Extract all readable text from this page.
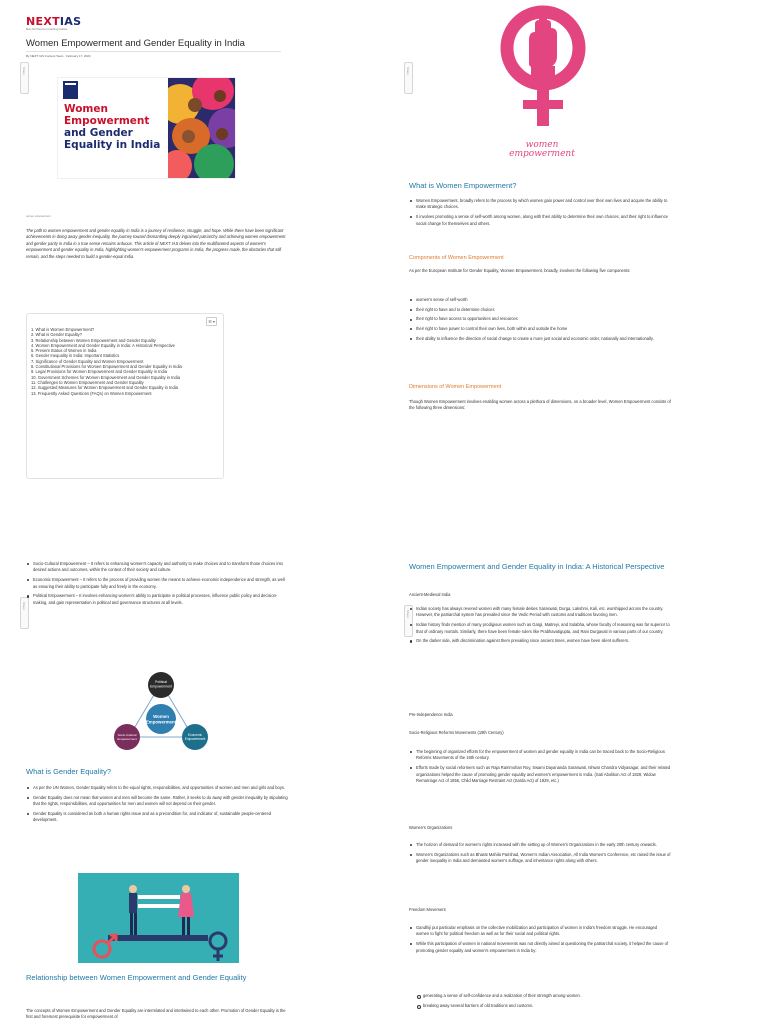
Share
NEXTIAS
Best Civil Services Coaching Institute
Women Empowerment and Gender Equality in India
By NEXT IAS Content Team · February 17, 2024
Women
Empowerment
and Gender
Equality in India
women empowerment

The path to women empowerment and gender equality in India is a journey of resilience, struggle, and hope. While there have been significant achievements in doing away gender inequality, the journey toward dismantling deeply ingrained patriarchy and achieving women empowerment and gender parity in India in a true sense remains arduous. This article of NEXT IAS delves into the multifaceted aspects of women's empowerment and gender equality in India, highlighting women's empowerment programs in India, the progress made, the obstacles that still remain, and the steps needed to build a gender-equal India.

☰ ▾
1. What is Women Empowerment?
2. What is Gender Equality?
3. Relationship between Women Empowerment and Gender Equality
4. Women Empowerment and Gender Equality in India: A Historical Perspective
5. Present Status of Women in India
6. Gender Inequality in India: Important Statistics
7. Significance of Gender Equality and Women Empowerment
8. Constitutional Provisions for Women Empowerment and Gender Equality in India
9. Legal Provisions for Women Empowerment and Gender Equality in India
10. Government Schemes for Women Empowerment and Gender Equality in India
11. Challenges to Women Empowerment and Gender Equality
12. Suggested Measures for Women Empowerment and Gender Equality in India
13. Frequently Asked Questions (FAQs) on Women Empowerment
Share
women
empowerment
What is Women Empowerment?
Women Empowerment, broadly refers to the process by which women gain power and control over their own lives and acquire the ability to make strategic choices.
It involves promoting a sense of self-worth among women, along with their ability to determine their own choices, and their right to influence social change for themselves and others.
Components of Women Empowerment

As per the European Institute for Gender Equality, Women Empowerment, broadly, involves the following five components:

women's sense of self-worth
their right to have and to determine choices
their right to have access to opportunities and resources
their right to have power to control their own lives, both within and outside the home
their ability to influence the direction of social change to create a more just social and economic order, nationally and internationally.
Dimensions of Women Empowerment

Though Women Empowerment involves enabling women across a plethora of dimensions, on a broader level, Women Empowerment consists of the following three dimensions:

Share
Socio-Cultural Empowerment – It refers to enhancing women's capacity and authority to make choices and to transform those choices into desired actions and outcomes, within the context of their society and culture.
Economic Empowerment – It refers to the process of providing women the means to achieve economic independence and strength, as well as ensuring their ability to participate fully and freely in the economy.
Political Empowerment – It involves enhancing women's ability to participate in political processes, influence public policy and decision-making, and gain representation in political and governance structures at all levels.
Political
Empowerment
Socio-Cultural
Empowerment
Economic
Empowerment
Women
Empowerment
What is Gender Equality?
As per the UN Women, Gender Equality refers to the equal rights, responsibilities, and opportunities of women and men and girls and boys.
Gender Equality does not mean that women and men will become the same. Rather, it seeks to do away with gender inequality by stipulating that the rights, responsibilities, and opportunities for men and women will not depend on their gender.
Gender Equality is considered as both a human rights issue and as a precondition for, and indicator of, sustainable people-centered development.
Relationship between Women Empowerment and Gender Equality

The concepts of Women Empowerment and Gender Equality are interrelated and intertwined to each other. Promotion of Gender Equality is the first and foremost prerequisite for empowerment of

Share
Women Empowerment and Gender Equality in India: A Historical Perspective

Ancient-Medieval India

Indian society has always revered women with many female deities Saraswati, Durga, Lakshmi, Kali, etc. worshipped across the country. However, the patriarchal system has prevailed since the Vedic Period with customs and traditions favoring men.
Indian history finds mention of many prodigious women such as Gargi, Maitreyi, and Sulabha, whose faculty of reasoning was far superior to that of ordinary mortals. Similarly, there have been female rulers like Prabhavatigupta, and Rani Durgavati in various parts of our country.
On the darker side, with discrimination against them prevailing since ancient times, women have been silent sufferers.

Pre-Independence India

Socio-Religious Reforms Movements (19th Century)

The beginning of organized efforts for the empowerment of women and gender equality in India can be traced back to the Socio-Religious Reforms Movements of the 19th century.
Efforts made by social reformers such as Raja Rammohan Roy, Swami Dayananda Saraswati, Ishwar Chandra Vidyasagar, and their related organizations helped the cause of promoting gender equality and women's empowerment in India. (Sati Abolition Act of 1829, Widow Remarriage Act of 1856, Child Marriage Restraint Act (Sarda Act) of 1929, etc.)

Women's Organizations

The horizon of demand for women's rights increased with the setting up of Women's Organizations in the early 20th century onwards.
Women's Organizations such as Bharat Mahila Parishad, Women's Indian Association, All India Women's Conference, etc raised the issue of gender inequality in India and demanded women's suffrage, and inheritance rights along with others.

Freedom Movement

Gandhiji put particular emphasis on the collective mobilization and participation of women in India's freedom struggle. He encouraged women to fight for political freedom as well as for their social and political rights.
While this participation of women in national movements was not directly aimed at questioning the patriarchal society, it helped the cause of promoting gender equality and women's empowerment in India by:
generating a sense of self-confidence and a realization of their strength among women.
breaking away several barriers of old traditions and customs.
